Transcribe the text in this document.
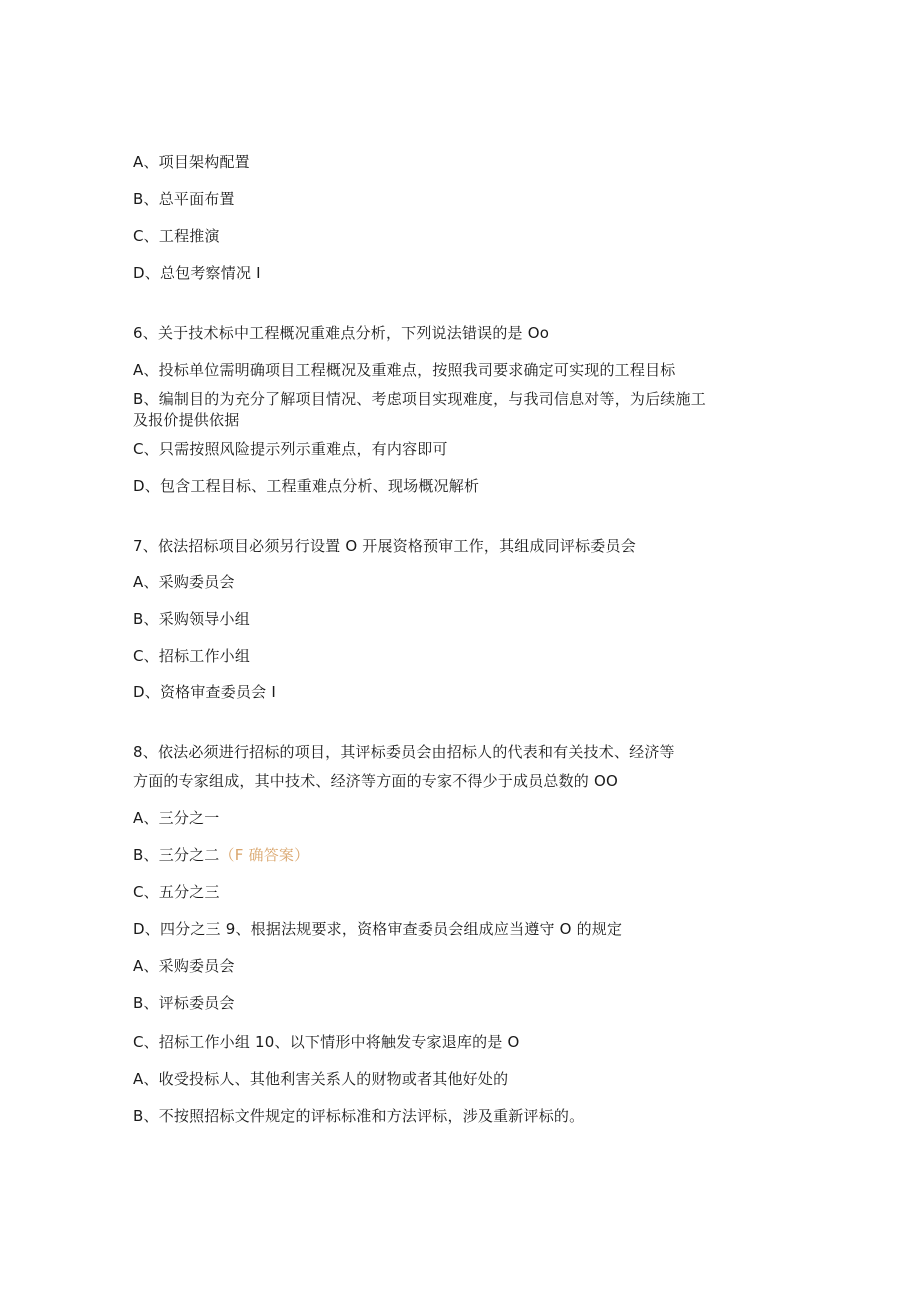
A、项目架构配置
B、总平面布置
C、工程推演
D、总包考察情况 I
6、关于技术标中工程概况重难点分析，下列说法错误的是 Oo
A、投标单位需明确项目工程概况及重难点，按照我司要求确定可实现的工程目标
B、编制目的为充分了解项目情况、考虑项目实现难度，与我司信息对等，为后续施工
及报价提供依据
C、只需按照风险提示列示重难点，有内容即可
D、包含工程目标、工程重难点分析、现场概况解析
7、依法招标项目必须另行设置 O 开展资格预审工作，其组成同评标委员会
A、采购委员会
B、采购领导小组
C、招标工作小组
D、资格审查委员会 I
8、依法必须进行招标的项目，其评标委员会由招标人的代表和有关技术、经济等
方面的专家组成，其中技术、经济等方面的专家不得少于成员总数的 OO
A、三分之一
B、三分之二（F 确答案）
C、五分之三
D、四分之三 9、根据法规要求，资格审查委员会组成应当遵守 O 的规定
A、采购委员会
B、评标委员会
C、招标工作小组 10、以下情形中将触发专家退库的是 O
A、收受投标人、其他利害关系人的财物或者其他好处的
B、不按照招标文件规定的评标标准和方法评标，涉及重新评标的。
